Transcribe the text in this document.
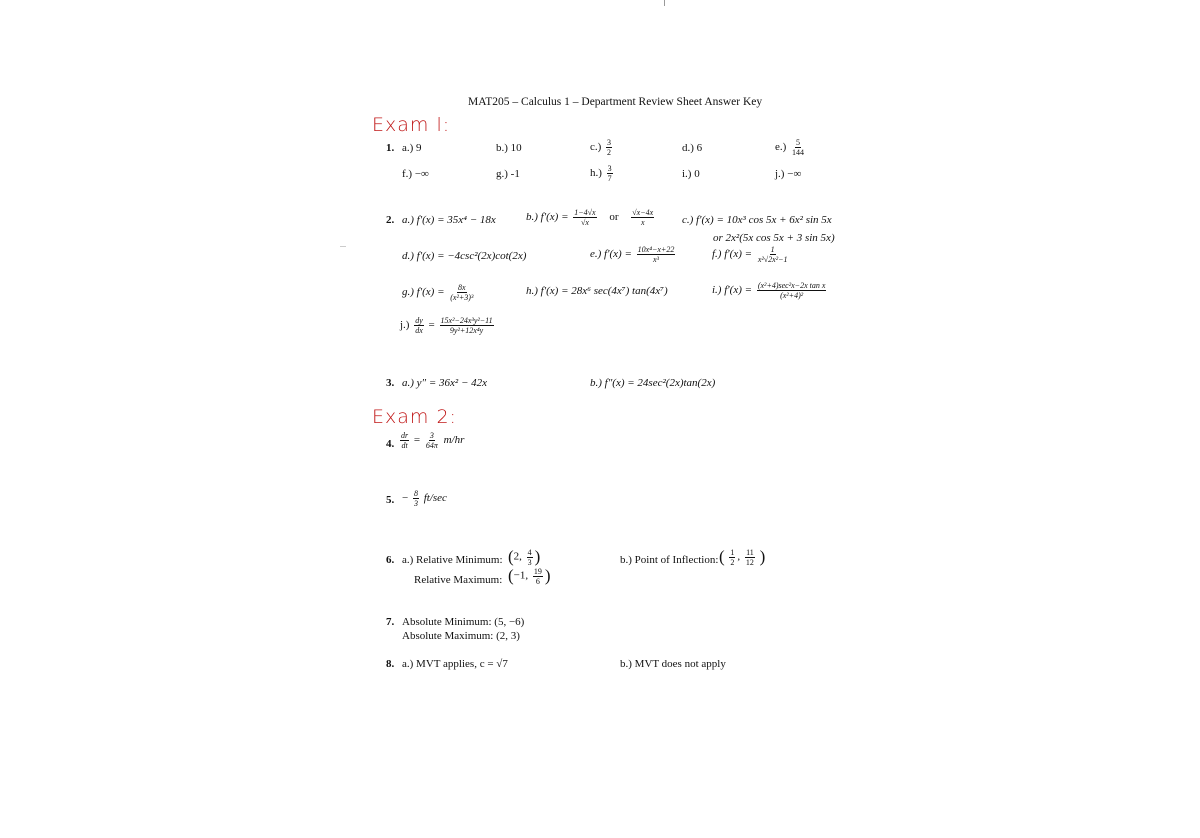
MAT205 – Calculus 1 – Department Review Sheet Answer Key
Exam l:
1. a.) 9	b.) 10	$c.) \frac{3}{2}$	d.) 6	$e.) \frac{5}{144}$
f.) −∞	g.) -1	$h.) \frac{3}{7}$	i.) 0	j.) −∞
2. a.) f′(x) = 35x⁴ − 18x	b.) $f'(x) = \frac{1-4√x}{√x}$ or $\frac{√x-4x}{x}$	c.) f′(x) = 10x³ cos 5x + 6x² sin 5x
or 2x²(5x cos 5x + 3 sin 5x)
d.) f′(x) = −4csc²(2x)cot(2x)	e.) $f'(x) = \frac{\text{10x⁴−x+22}}{\text{x³}}$	f.) $f'(x) = \frac{1}{\text{x²√2x²−1}}$
g.) $f'(x) = \frac{8x}{\text{(x²+3)³}}$	h.) f′(x) = 28x⁶ sec(4x⁷) tan(4x⁷)	i.) $f'(x) = \frac{\text{(x²+4)sec²x−2x tan x}}{\text{(x²+4)²}}$
$j.) \frac{dy}{dx} = \frac{\text{15x²−24x³y²−11}}{\text{9y²+12x⁴y}}$
3. a.) y″ = 36x² − 42x	b.) f″(x) = 24sec²(2x)tan(2x)
Exam 2:
4. $\frac{dr}{dt} = \frac{3}{64\pi} m/hr$
5. − $\frac{8}{3} ft/\sec$
6. a.) Relative Minimum: (2, $\frac{4}{3}$ )
Relative Maximum: (−1, $\frac{19}{6}$ )
b.) Point of Inflection: ( $\frac{1}{2}$ , $\frac{11}{12}$ )
7. Absolute Minimum: (5, −6)
Absolute Maximum: (2, 3)
8. a.) MVT applies, c = √7	b.) MVT does not apply
